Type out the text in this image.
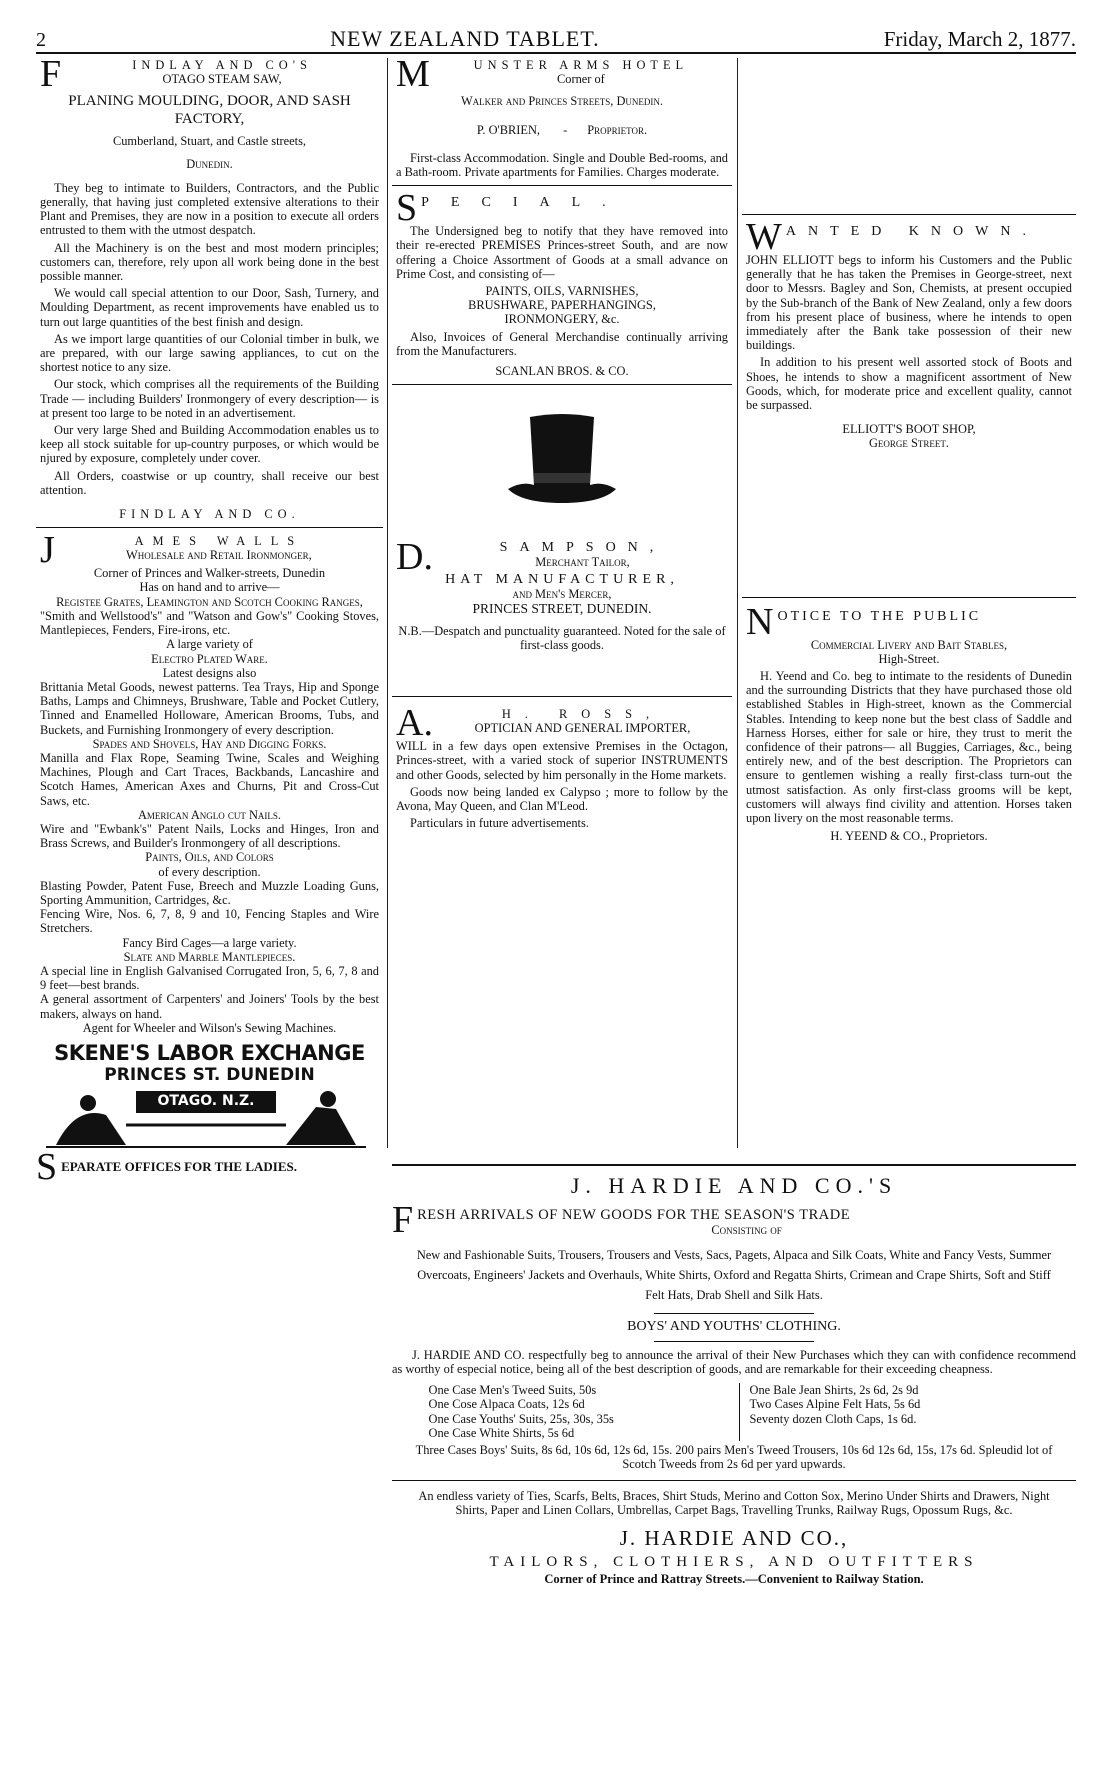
2	NEW ZEALAND TABLET.	Friday, March 2, 1877.
F	INDLAY AND CO'S
OTAGO STEAM SAW,
PLANING MOULDING, DOOR, AND SASH FACTORY,
Cumberland, Stuart, and Castle streets,
Dunedin.

They beg to intimate to Builders, Contractors, and the Public generally, that having just completed extensive alterations to their Plant and Premises, they are now in a position to execute all orders entrusted to them with the utmost despatch.

All the Machinery is on the best and most modern principles; customers can, therefore, rely upon all work being done in the best possible manner.

We would call special attention to our Door, Sash, Turnery, and Moulding Department, as recent improvements have enabled us to turn out large quantities of the best finish and design.

As we import large quantities of our Colonial timber in bulk, we are prepared, with our large sawing appliances, to cut on the shortest notice to any size.

Our stock, which comprises all the requirements of the Building Trade — including Builders' Ironmongery of every description— is at present too large to be noted in an advertisement.

Our very large Shed and Building Accommodation enables us to keep all stock suitable for up-country purposes, or which would be njured by exposure, completely under cover.

All Orders, coastwise or up country, shall receive our best attention.

FINDLAY AND CO.
J	AMES WALLS
Wholesale and Retail Ironmonger,
Corner of Princes and Walker-streets, Dunedin
Has on hand and to arrive—
Registee Grates, Leamington and Scotch Cooking Ranges,
"Smith and Wellstood's" and "Watson and Gow's" Cooking Stoves, Mantlepieces, Fenders, Fire-irons, etc.
A large variety of
Electro Plated Ware.
Latest designs also
Brittania Metal Goods, newest patterns. Tea Trays, Hip and Sponge Baths, Lamps and Chimneys, Brushware, Table and Pocket Cutlery, Tinned and Enamelled Holloware, American Brooms, Tubs, and Buckets, and Furnishing Ironmongery of every description.
Spades and Shovels, Hay and Digging Forks.
Manilla and Flax Rope, Seaming Twine, Scales and Weighing Machines, Plough and Cart Traces, Backbands, Lancashire and Scotch Hames, American Axes and Churns, Pit and Cross-Cut Saws, etc.
American Anglo cut Nails.
Wire and "Ewbank's" Patent Nails, Locks and Hinges, Iron and Brass Screws, and Builder's Ironmongery of all descriptions.
Paints, Oils, and Colors
of every description.
Blasting Powder, Patent Fuse, Breech and Muzzle Loading Guns, Sporting Ammunition, Cartridges, &c.
Fencing Wire, Nos. 6, 7, 8, 9 and 10, Fencing Staples and Wire Stretchers.
Fancy Bird Cages—a large variety.
Slate and Marble Mantlepieces.
A special line in English Galvanised Corrugated Iron, 5, 6, 7, 8 and 9 feet—best brands.
A general assortment of Carpenters' and Joiners' Tools by the best makers, always on hand.
Agent for Wheeler and Wilson's Sewing Machines.
SKENE'S LABOR EXCHANGE
PRINCES ST. DUNEDIN
OTAGO. N.Z.
SEPARATE OFFICES FOR THE LADIES.
M	UNSTER ARMS HOTEL
Corner of
Walker and Princes Streets, Dunedin.
P. O'BRIEN, - Proprietor.

First-class Accommodation. Single and Double Bed-rooms, and a Bath-room. Private apartments for Families. Charges moderate.

S PECIAL.

The Undersigned beg to notify that they have removed into their re-erected PREMISES Princes-street South, and are now offering a Choice Assortment of Goods at a small advance on Prime Cost, and consisting of—

PAINTS, OILS, VARNISHES,
BRUSHWARE, PAPERHANGINGS,
IRONMONGERY, &c.

Also, Invoices of General Merchandise continually arriving from the Manufacturers.

SCANLAN BROS. & CO.
D.	SAMPSON,
Merchant Tailor,
HAT MANUFACTURER,
and Men's Mercer,
PRINCES STREET, DUNEDIN.

N.B.—Despatch and punctuality guaranteed. Noted for the sale of first-class goods.

A.	H. ROSS,
OPTICIAN AND GENERAL IMPORTER,

WILL in a few days open extensive Premises in the Octagon, Princes-street, with a varied stock of superior INSTRUMENTS and other Goods, selected by him personally in the Home markets.

Goods now being landed ex Calypso ; more to follow by the Avona, May Queen, and Clan M'Leod.

Particulars in future advertisements.

W ANTED KNOWN.

JOHN ELLIOTT begs to inform his Customers and the Public generally that he has taken the Premises in George-street, next door to Messrs. Bagley and Son, Chemists, at present occupied by the Sub-branch of the Bank of New Zealand, only a few doors from his present place of business, where he intends to open immediately after the Bank take possession of their new buildings.

In addition to his present well assorted stock of Boots and Shoes, he intends to show a magnificent assortment of New Goods, which, for moderate price and excellent quality, cannot be surpassed.

ELLIOTT'S BOOT SHOP,
George Street.
N OTICE TO THE PUBLIC
Commercial Livery and Bait Stables,
High-Street.

H. Yeend and Co. beg to intimate to the residents of Dunedin and the surrounding Districts that they have purchased those old established Stables in High-street, known as the Commercial Stables. Intending to keep none but the best class of Saddle and Harness Horses, either for sale or hire, they trust to merit the confidence of their patrons— all Buggies, Carriages, &c., being entirely new, and of the best description. The Proprietors can ensure to gentlemen wishing a really first-class turn-out the utmost satisfaction. As only first-class grooms will be kept, customers will always find civility and attention. Horses taken upon livery on the most reasonable terms.

H. YEEND & CO., Proprietors.
J. HARDIE AND CO.'S
F RESH ARRIVALS OF NEW GOODS FOR THE SEASON'S TRADE
Consisting of

New and Fashionable Suits, Trousers, Trousers and Vests, Sacs, Pagets, Alpaca and Silk Coats, White and Fancy Vests, Summer Overcoats, Engineers' Jackets and Overhauls, White Shirts, Oxford and Regatta Shirts, Crimean and Crape Shirts, Soft and Stiff Felt Hats, Drab Shell and Silk Hats.

BOYS' AND YOUTHS' CLOTHING.

J. HARDIE AND CO. respectfully beg to announce the arrival of their New Purchases which they can with confidence recommend as worthy of especial notice, being all of the best description of goods, and are remarkable for their exceeding cheapness.

One Case Men's Tweed Suits, 50s
One Cose Alpaca Coats, 12s 6d
One Case Youths' Suits, 25s, 30s, 35s
One Case White Shirts, 5s 6d
One Bale Jean Shirts, 2s 6d, 2s 9d
Two Cases Alpine Felt Hats, 5s 6d
Seventy dozen Cloth Caps, 1s 6d.

Three Cases Boys' Suits, 8s 6d, 10s 6d, 12s 6d, 15s. 200 pairs Men's Tweed Trousers, 10s 6d 12s 6d, 15s, 17s 6d. Spleudid lot of Scotch Tweeds from 2s 6d per yard upwards.

An endless variety of Ties, Scarfs, Belts, Braces, Shirt Studs, Merino and Cotton Sox, Merino Under Shirts and Drawers, Night Shirts, Paper and Linen Collars, Umbrellas, Carpet Bags, Travelling Trunks, Railway Rugs, Opossum Rugs, &c.

J. HARDIE AND CO.,
TAILORS, CLOTHIERS, AND OUTFITTERS
Corner of Prince and Rattray Streets.—Convenient to Railway Station.
